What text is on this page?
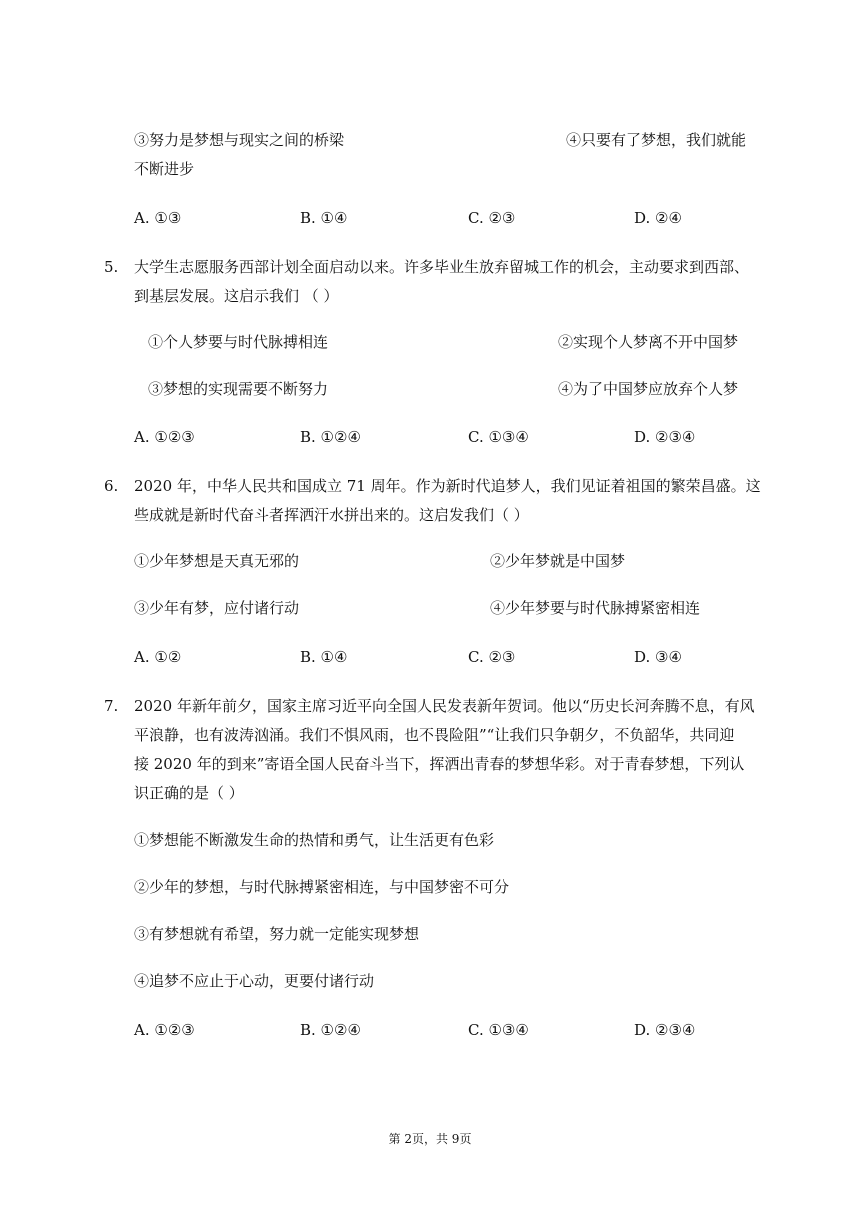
③努力是梦想与现实之间的桥梁	④只要有了梦想，我们就能
不断进步
A. ①③	B. ①④	C. ②③	D. ②④
5. 大学生志愿服务西部计划全面启动以来。许多毕业生放弃留城工作的机会，主动要求到西部、
到基层发展。这启示我们 （ ）
①个人梦要与时代脉搏相连	②实现个人梦离不开中国梦
③梦想的实现需要不断努力	④为了中国梦应放弃个人梦
A. ①②③	B. ①②④	C. ①③④	D. ②③④
6. 2020 年，中华人民共和国成立 71 周年。作为新时代追梦人，我们见证着祖国的繁荣昌盛。这
些成就是新时代奋斗者挥洒汗水拼出来的。这启发我们（ ）
①少年梦想是天真无邪的	②少年梦就是中国梦
③少年有梦，应付诸行动	④少年梦要与时代脉搏紧密相连
A. ①②	B. ①④	C. ②③	D. ③④
7. 2020 年新年前夕，国家主席习近平向全国人民发表新年贺词。他以“历史长河奔腾不息，有风
平浪静，也有波涛汹涌。我们不惧风雨，也不畏险阻”“让我们只争朝夕，不负韶华，共同迎
接 2020 年的到来”寄语全国人民奋斗当下，挥洒出青春的梦想华彩。对于青春梦想，下列认
识正确的是（ ）
①梦想能不断激发生命的热情和勇气，让生活更有色彩
②少年的梦想，与时代脉搏紧密相连，与中国梦密不可分
③有梦想就有希望，努力就一定能实现梦想
④追梦不应止于心动，更要付诸行动
A. ①②③	B. ①②④	C. ①③④	D. ②③④
第 2页，共 9页
